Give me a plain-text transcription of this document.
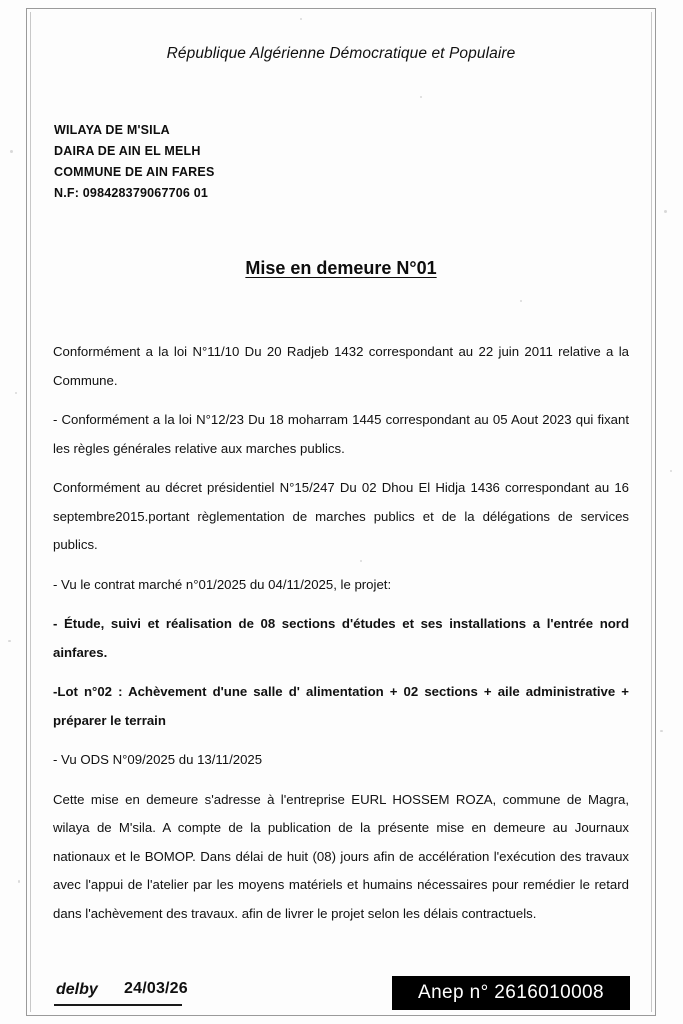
République Algérienne Démocratique et Populaire
WILAYA DE M'SILA
DAIRA DE AIN EL MELH
COMMUNE DE AIN FARES
N.F: 098428379067706 01
Mise en demeure N°01

Conformément a la loi N°11/10 Du 20 Radjeb 1432 correspondant au 22 juin 2011 relative a la Commune.

- Conformément a la loi N°12/23 Du 18 moharram 1445 correspondant au 05 Aout 2023 qui fixant les règles générales relative aux marches publics.

Conformément au décret présidentiel N°15/247 Du 02 Dhou El Hidja 1436 correspondant au 16 septembre2015.portant règlementation de marches publics et de la délégations de services publics.

- Vu le contrat marché n°01/2025 du 04/11/2025, le projet:

- Étude, suivi et réalisation de 08 sections d'études et ses installations a l'entrée nord ainfares.

-Lot n°02 : Achèvement d'une salle d' alimentation + 02 sections + aile administrative + préparer le terrain

- Vu ODS N°09/2025 du 13/11/2025

Cette mise en demeure s'adresse à l'entreprise EURL HOSSEM ROZA, commune de Magra, wilaya de M'sila. A compte de la publication de la présente mise en demeure au Journaux nationaux et le BOMOP. Dans délai de huit (08) jours afin de accélération l'exécution des travaux avec l'appui de l'atelier par les moyens matériels et humains nécessaires pour remédier le retard dans l'achèvement des travaux. afin de livrer le projet selon les délais contractuels.

delby 24/03/26	Anep n° 2616010008
